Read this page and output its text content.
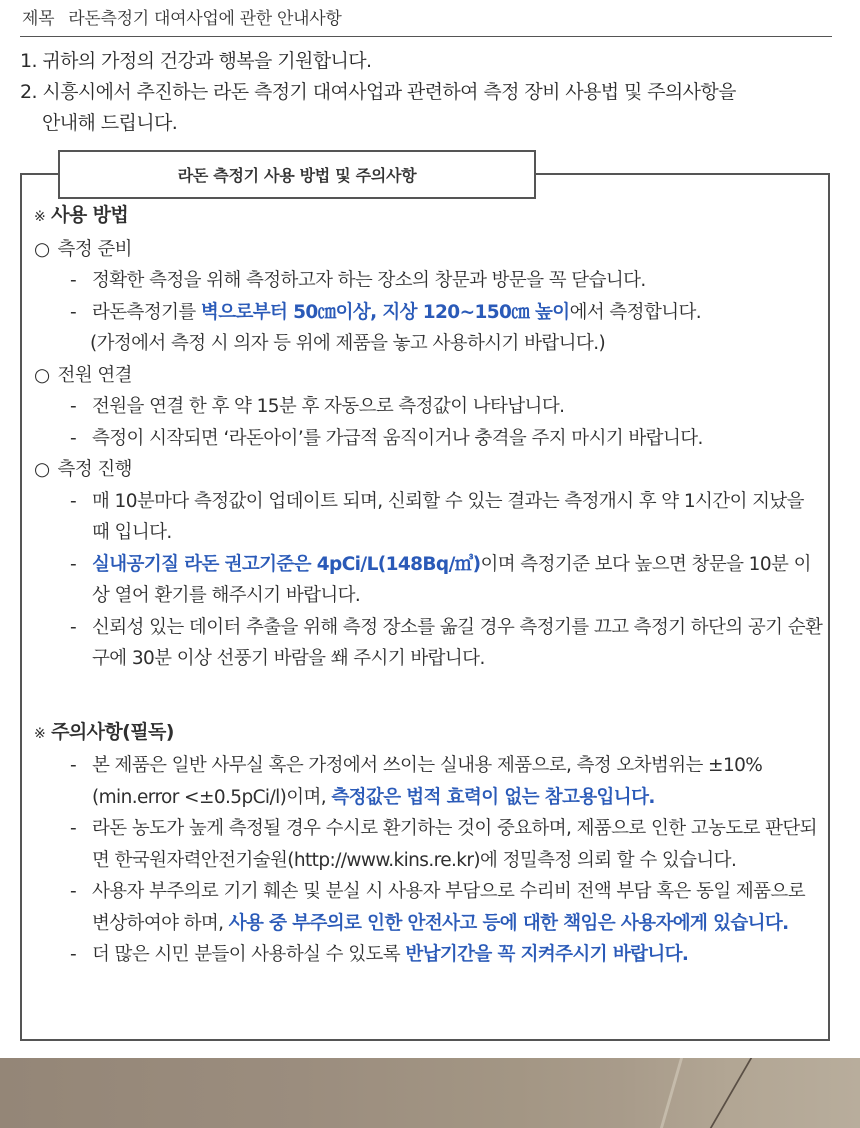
제목 라돈측정기 대여사업에 관한 안내사항
1. 귀하의 가정의 건강과 행복을 기원합니다.
2. 시흥시에서 추진하는 라돈 측정기 대여사업과 관련하여 측정 장비 사용법 및 주의사항을
안내해 드립니다.
라돈 측정기 사용 방법 및 주의사항
※ 사용 방법
○ 측정 준비
- 정확한 측정을 위해 측정하고자 하는 장소의 창문과 방문을 꼭 닫습니다.
- 라돈측정기를 벽으로부터 50㎝이상, 지상 120~150㎝ 높이에서 측정합니다.
(가정에서 측정 시 의자 등 위에 제품을 놓고 사용하시기 바랍니다.)
○ 전원 연결
- 전원을 연결 한 후 약 15분 후 자동으로 측정값이 나타납니다.
- 측정이 시작되면 ‘라돈아이’를 가급적 움직이거나 충격을 주지 마시기 바랍니다.
○ 측정 진행
- 매 10분마다 측정값이 업데이트 되며, 신뢰할 수 있는 결과는 측정개시 후 약 1시간이 지났을 때 입니다.
- 실내공기질 라돈 권고기준은 4pCi/L(148Bq/㎥)이며 측정기준 보다 높으면 창문을 10분 이상 열어 환기를 해주시기 바랍니다.
- 신뢰성 있는 데이터 추출을 위해 측정 장소를 옮길 경우 측정기를 끄고 측정기 하단의 공기 순환구에 30분 이상 선풍기 바람을 쐐 주시기 바랍니다.
※ 주의사항(필독)
- 본 제품은 일반 사무실 혹은 가정에서 쓰이는 실내용 제품으로, 측정 오차범위는 ±10% (min.error <±0.5pCi/l)이며, 측정값은 법적 효력이 없는 참고용입니다.
- 라돈 농도가 높게 측정될 경우 수시로 환기하는 것이 중요하며, 제품으로 인한 고농도로 판단되면 한국원자력안전기술원(http://www.kins.re.kr)에 정밀측정 의뢰 할 수 있습니다.
- 사용자 부주의로 기기 훼손 및 분실 시 사용자 부담으로 수리비 전액 부담 혹은 동일 제품으로 변상하여야 하며, 사용 중 부주의로 인한 안전사고 등에 대한 책임은 사용자에게 있습니다.
- 더 많은 시민 분들이 사용하실 수 있도록 반납기간을 꼭 지켜주시기 바랍니다.
